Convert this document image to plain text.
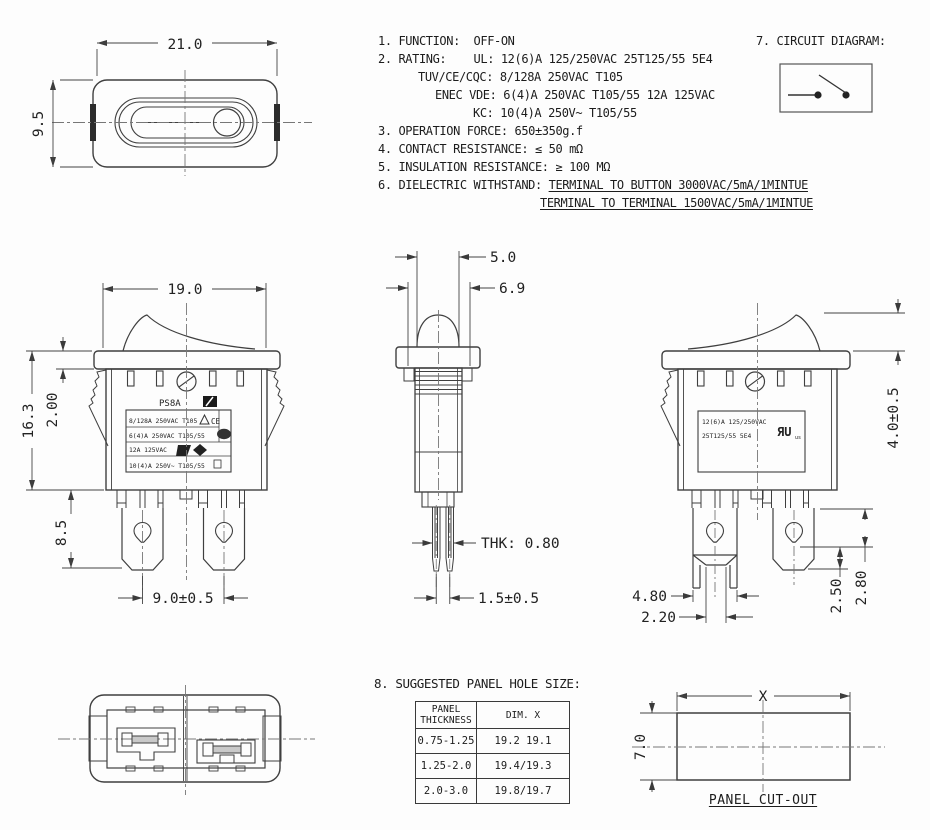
21.0
9.5
PS8A
8/128A 250VAC T105
6(4)A 250VAC T105/55
12A 125VAC
10(4)A 250V~ T105/55
CE
19.0
16.3 2.00
8.5
9.0±0.5
5.0
6.9
THK: 0.80
1.5±0.5
12(6)A 125/250VAC
25T125/55 5E4 ЯU us	4.0±0.5
4.80
2.20
2.80
2.50
X
7.0
1. FUNCTION:  OFF-ON
2. RATING:    UL: 12(6)A 125/250VAC 25T125/55 5E4
TUV/CE/CQC: 8/128A 250VAC T105
ENEC VDE: 6(4)A 250VAC T105/55 12A 125VAC
KC: 10(4)A 250V~ T105/55
3. OPERATION FORCE: 650±350g.f
4. CONTACT RESISTANCE: ≤ 50 mΩ
5. INSULATION RESISTANCE: ≥ 100 MΩ
6. DIELECTRIC WITHSTAND: TERMINAL TO BUTTON 3000VAC/5mA/1MINTUE
TERMINAL TO TERMINAL 1500VAC/5mA/1MINTUE
7. CIRCUIT DIAGRAM:
8. SUGGESTED PANEL HOLE SIZE:
PANEL
THICKNESS	DIM. X
0.75-1.25	19.2 19.1
1.25-2.0	19.4/19.3
2.0-3.0	19.8/19.7
PANEL CUT-OUT
